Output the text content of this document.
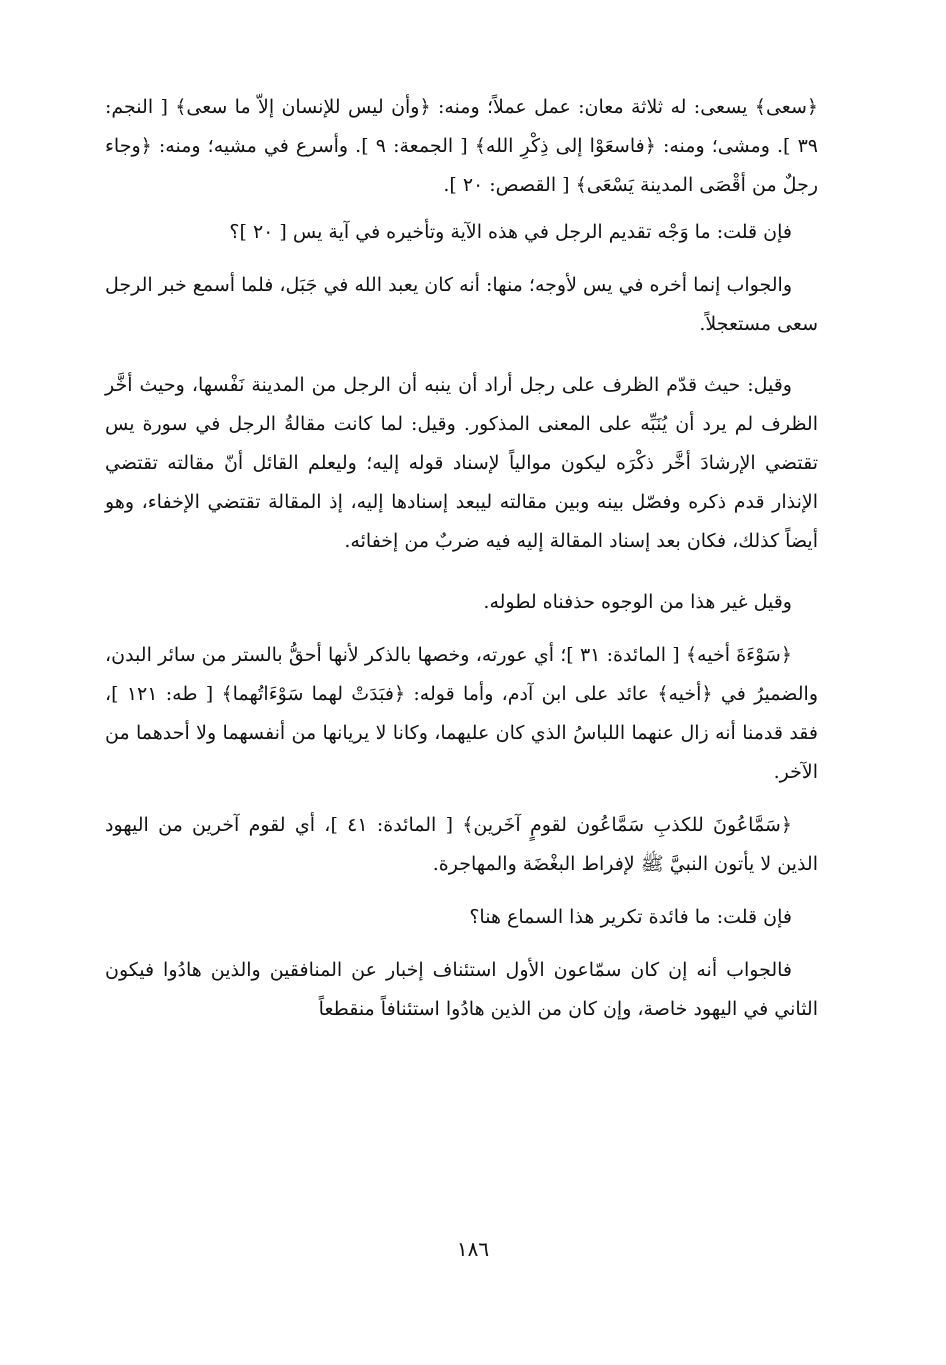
﴿سعى﴾ يسعى: له ثلاثة معان: عمل عملاً؛ ومنه: ﴿وأن ليس للإنسان إلاّ ما سعى﴾ [ النجم: ٣٩ ]. ومشى؛ ومنه: ﴿فاسعَوْا إلى ذِكْرِ الله﴾ [ الجمعة: ٩ ]. وأسرع في مشيه؛ ومنه: ﴿وجاء رجلٌ من أقْصَى المدينة يَسْعَى﴾ [ القصص: ٢٠ ].

فإن قلت: ما وَجْه تقديم الرجل في هذه الآية وتأخيره في آية يس [ ٢٠ ]؟

والجواب إنما أخره في يس لأوجه؛ منها: أنه كان يعبد الله في جَبَل، فلما أسمع خبر الرجل سعى مستعجلاً.

وقيل: حيث قدّم الظرف على رجل أراد أن ينبه أن الرجل من المدينة نَفْسها، وحيث أخَّر الظرف لم يرد أن يُنَبِّه على المعنى المذكور. وقيل: لما كانت مقالةُ الرجل في سورة يس تقتضي الإرشادَ أخَّر ذكْرَه ليكون موالياً لإسناد قوله إليه؛ وليعلم القائل أنّ مقالته تقتضي الإنذار قدم ذكره وفصّل بينه وبين مقالته ليبعد إسنادها إليه، إذ المقالة تقتضي الإخفاء، وهو أيضاً كذلك، فكان بعد إسناد المقالة إليه فيه ضربٌ من إخفائه.

وقيل غير هذا من الوجوه حذفناه لطوله.

﴿سَوْءَةَ أخيه﴾ [ المائدة: ٣١ ]؛ أي عورته، وخصها بالذكر لأنها أحقُّ بالستر من سائر البدن، والضميرُ في ﴿أخيه﴾ عائد على ابن آدم، وأما قوله: ﴿فبَدَتْ لهما سَوْءَاتُهما﴾ [ طه: ١٢١ ]، فقد قدمنا أنه زال عنهما اللباسُ الذي كان عليهما، وكانا لا يريانها من أنفسهما ولا أحدهما من الآخر.

﴿سَمَّاعُونَ للكذبِ سَمَّاعُون لقومٍ آخَرين﴾ [ المائدة: ٤١ ]، أي لقوم آخرين من اليهود الذين لا يأتون النبيَّ ﷺ لإفراط البغْضَة والمهاجرة.

فإن قلت: ما فائدة تكرير هذا السماع هنا؟

فالجواب أنه إن كان سمّاعون الأول استئناف إخبار عن المنافقين والذين هادُوا فيكون الثاني في اليهود خاصة، وإن كان من الذين هادُوا استئنافاً منقطعاً

١٨٦
